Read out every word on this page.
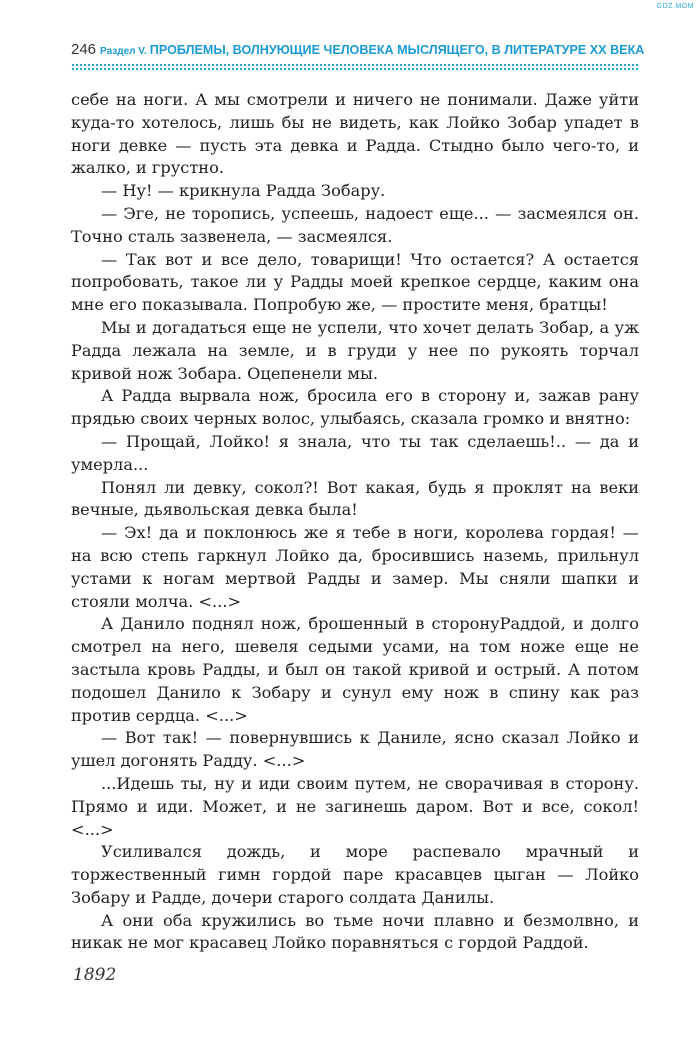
GDZ.MOM
246 Раздел V. ПРОБЛЕМЫ, ВОЛНУЮЩИЕ ЧЕЛОВЕКА МЫСЛЯЩЕГО, В ЛИТЕРАТУРЕ XX ВЕКА

себе на ноги. А мы смотрели и ничего не понимали. Даже уйти куда-то хотелось, лишь бы не видеть, как Лойко Зобар упадет в ноги девке — пусть эта девка и Радда. Стыдно было чего-то, и жалко, и грустно.

— Ну! — крикнула Радда Зобару.

— Эге, не торопись, успеешь, надоест еще... — засмеялся он. Точно сталь зазвенела, — засмеялся.

— Так вот и все дело, товарищи! Что остается? А остается попробовать, такое ли у Радды моей крепкое сердце, каким она мне его показывала. Попробую же, — простите меня, братцы!

Мы и догадаться еще не успели, что хочет делать Зобар, а уж Радда лежала на земле, и в груди у нее по рукоять торчал кривой нож Зобара. Оцепенели мы.

А Радда вырвала нож, бросила его в сторону и, зажав рану прядью своих черных волос, улыбаясь, сказала громко и внятно:

— Прощай, Лойко! я знала, что ты так сделаешь!.. — да и умерла...

Понял ли девку, сокол?! Вот какая, будь я проклят на веки вечные, дьявольская девка была!

— Эх! да и поклонюсь же я тебе в ноги, королева гордая! — на всю степь гаркнул Лойко да, бросившись наземь, прильнул устами к ногам мертвой Радды и замер. Мы сняли шапки и стояли молча. <...>

А Данило поднял нож, брошенный в сторонуРаддой, и долго смотрел на него, шевеля седыми усами, на том ноже еще не застыла кровь Радды, и был он такой кривой и острый. А потом подошел Данило к Зобару и сунул ему нож в спину как раз против сердца. <...>

— Вот так! — повернувшись к Даниле, ясно сказал Лойко и ушел догонять Радду. <...>

...Идешь ты, ну и иди своим путем, не сворачивая в сторону. Прямо и иди. Может, и не загинешь даром. Вот и все, сокол! <...>

Усиливался дождь, и море распевало мрачный и торжественный гимн гордой паре красавцев цыган — Лойко Зобару и Радде, дочери старого солдата Данилы.

А они оба кружились во тьме ночи плавно и безмолвно, и никак не мог красавец Лойко поравняться с гордой Раддой.

1892
